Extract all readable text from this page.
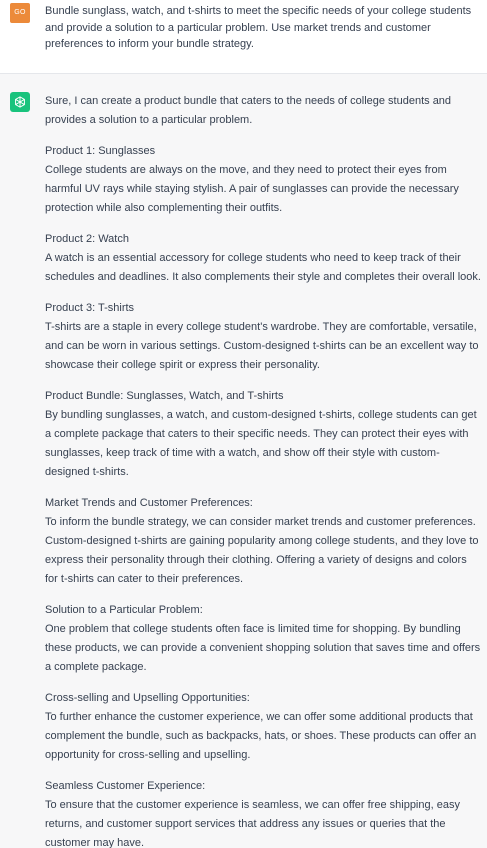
GO	Bundle sunglass, watch, and t-shirts to meet the specific needs of your college students and provide a solution to a particular problem. Use market trends and customer preferences to inform your bundle strategy.

Sure, I can create a product bundle that caters to the needs of college students and provides a solution to a particular problem.

Product 1: Sunglasses
College students are always on the move, and they need to protect their eyes from harmful UV rays while staying stylish. A pair of sunglasses can provide the necessary protection while also complementing their outfits.
Product 2: Watch
A watch is an essential accessory for college students who need to keep track of their schedules and deadlines. It also complements their style and completes their overall look.
Product 3: T-shirts
T-shirts are a staple in every college student's wardrobe. They are comfortable, versatile, and can be worn in various settings. Custom-designed t-shirts can be an excellent way to showcase their college spirit or express their personality.
Product Bundle: Sunglasses, Watch, and T-shirts
By bundling sunglasses, a watch, and custom-designed t-shirts, college students can get a complete package that caters to their specific needs. They can protect their eyes with sunglasses, keep track of time with a watch, and show off their style with custom-designed t-shirts.
Market Trends and Customer Preferences:
To inform the bundle strategy, we can consider market trends and customer preferences. Custom-designed t-shirts are gaining popularity among college students, and they love to express their personality through their clothing. Offering a variety of designs and colors for t-shirts can cater to their preferences.
Solution to a Particular Problem:
One problem that college students often face is limited time for shopping. By bundling these products, we can provide a convenient shopping solution that saves time and offers a complete package.
Cross-selling and Upselling Opportunities:
To further enhance the customer experience, we can offer some additional products that complement the bundle, such as backpacks, hats, or shoes. These products can offer an opportunity for cross-selling and upselling.
Seamless Customer Experience:
To ensure that the customer experience is seamless, we can offer free shipping, easy returns, and customer support services that address any issues or queries that the customer may have.
